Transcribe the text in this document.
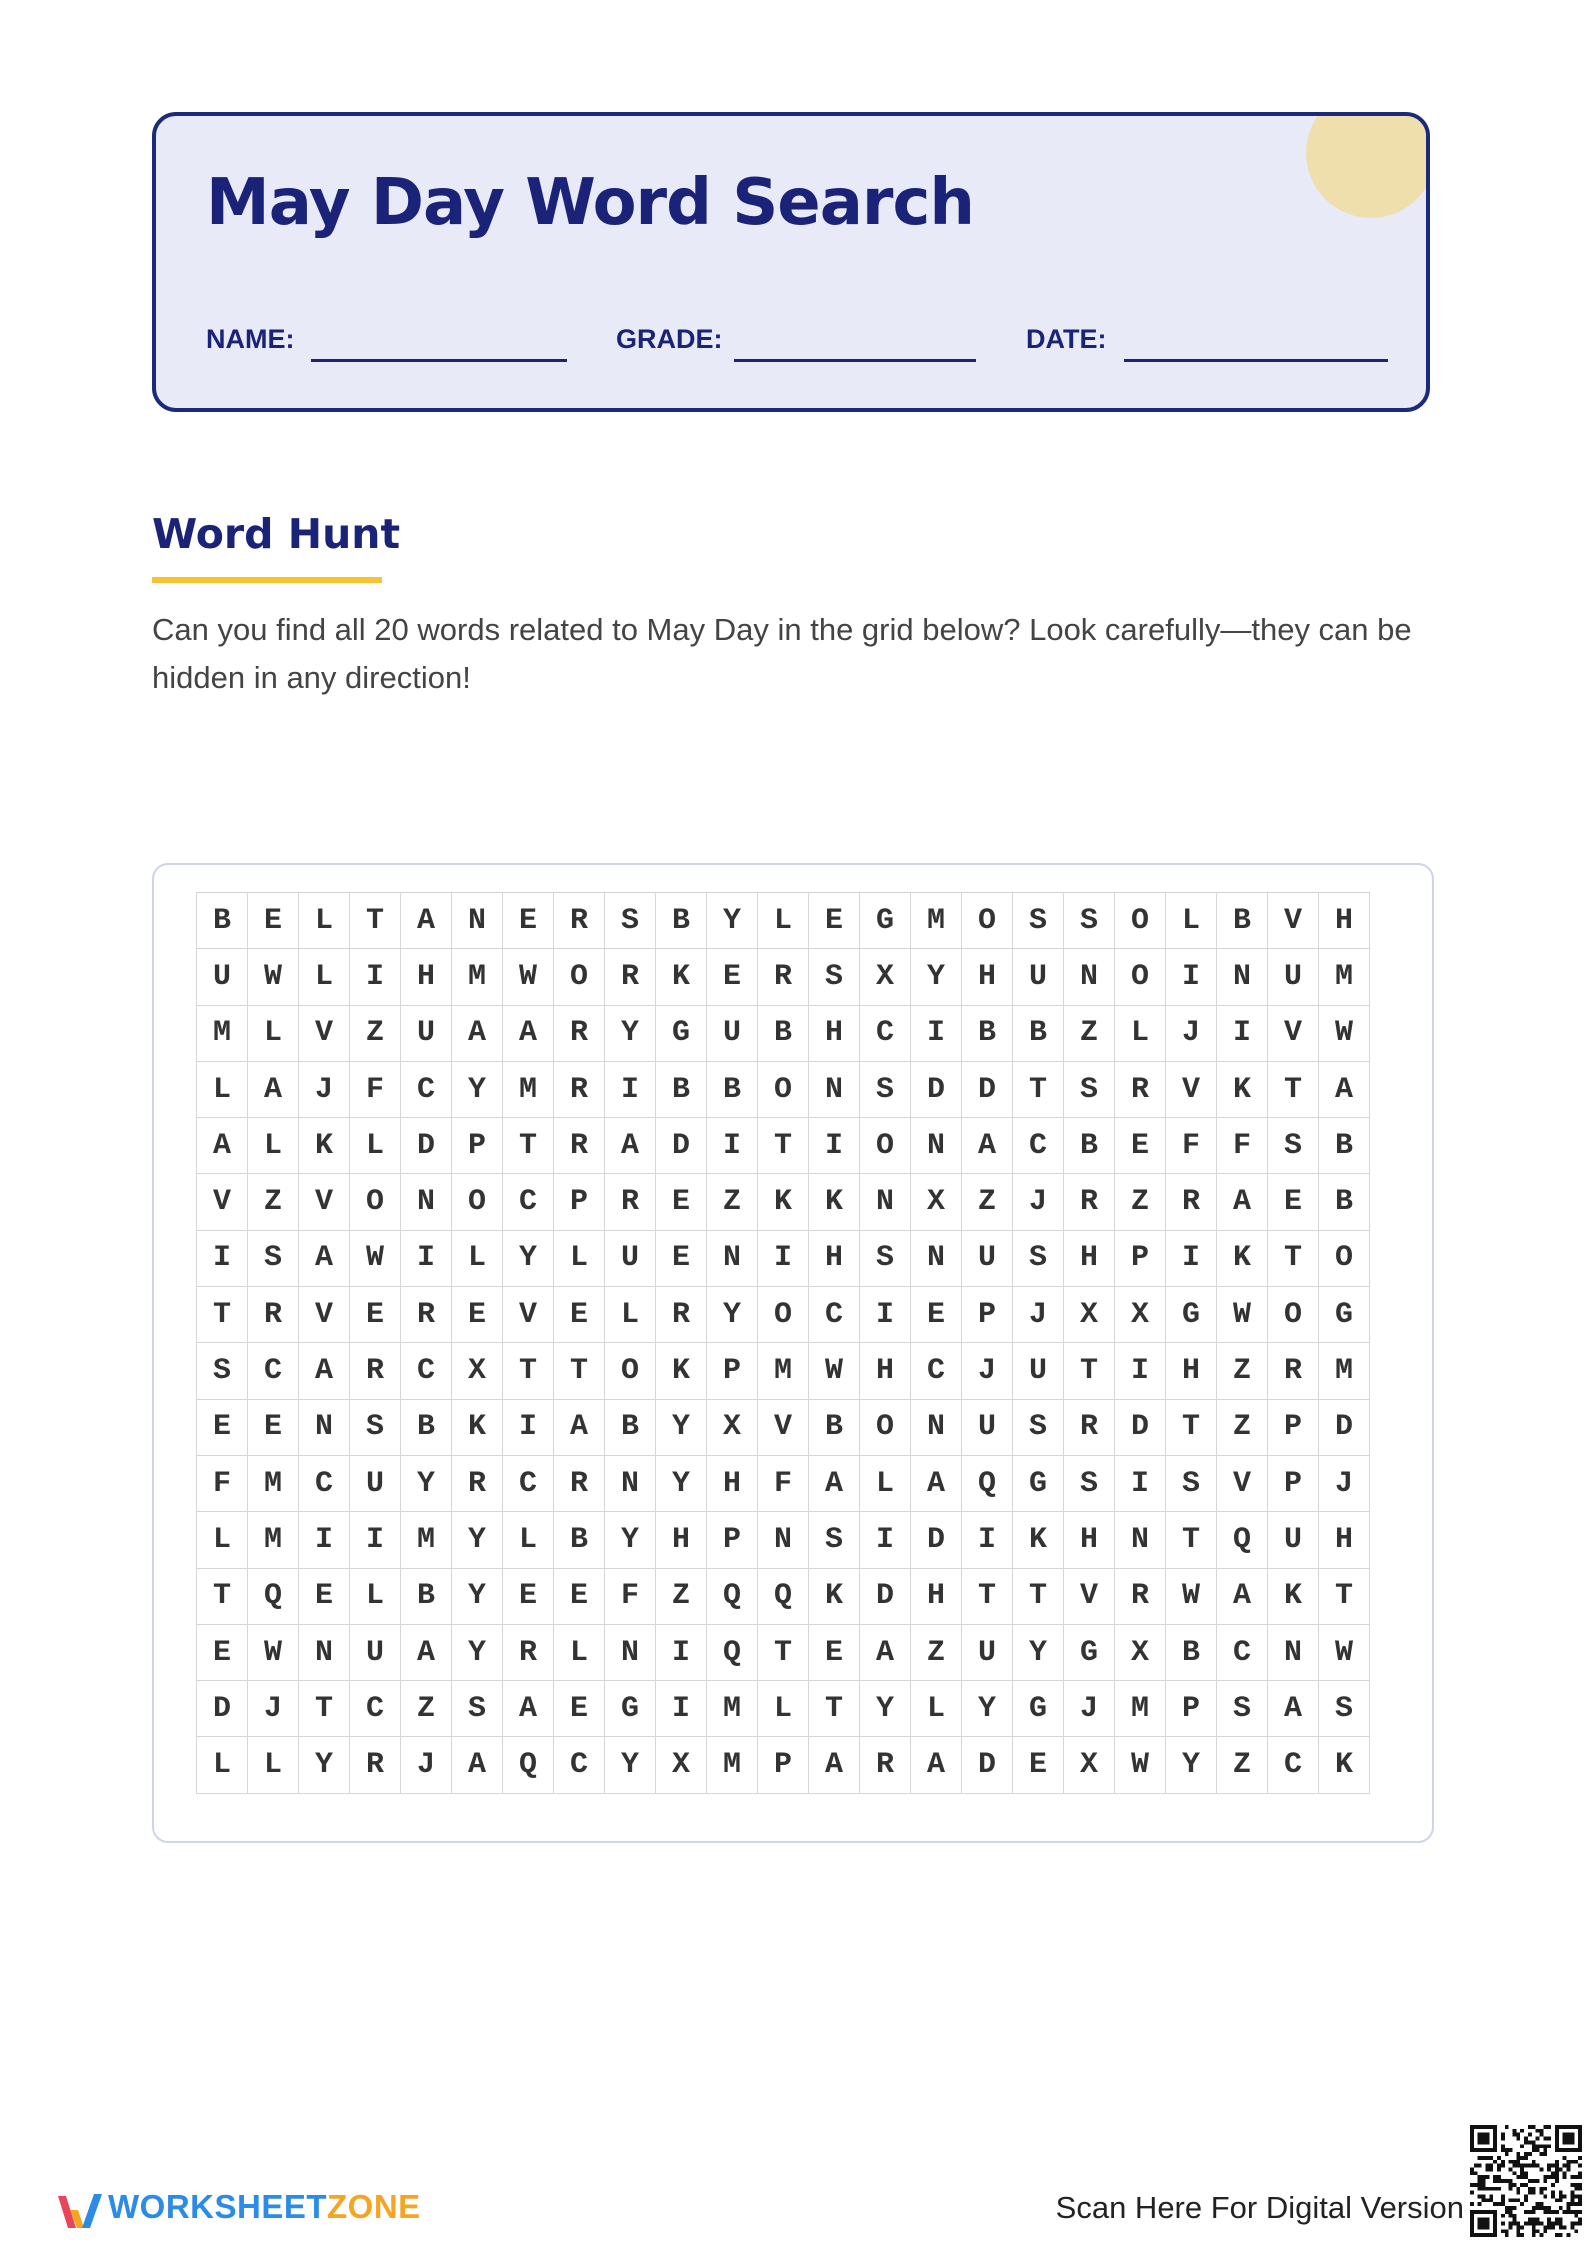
May Day Word Search
NAME:	GRADE:	DATE:
Word Hunt
Can you find all 20 words related to May Day in the grid below? Look carefully—they can be hidden in any direction!
B	E	L	T	A	N	E	R	S	B	Y	L	E	G	M	O	S	S	O	L	B	V	H
U	W	L	I	H	M	W	O	R	K	E	R	S	X	Y	H	U	N	O	I	N	U	M
M	L	V	Z	U	A	A	R	Y	G	U	B	H	C	I	B	B	Z	L	J	I	V	W
L	A	J	F	C	Y	M	R	I	B	B	O	N	S	D	D	T	S	R	V	K	T	A
A	L	K	L	D	P	T	R	A	D	I	T	I	O	N	A	C	B	E	F	F	S	B
V	Z	V	O	N	O	C	P	R	E	Z	K	K	N	X	Z	J	R	Z	R	A	E	B
I	S	A	W	I	L	Y	L	U	E	N	I	H	S	N	U	S	H	P	I	K	T	O
T	R	V	E	R	E	V	E	L	R	Y	O	C	I	E	P	J	X	X	G	W	O	G
S	C	A	R	C	X	T	T	O	K	P	M	W	H	C	J	U	T	I	H	Z	R	M
E	E	N	S	B	K	I	A	B	Y	X	V	B	O	N	U	S	R	D	T	Z	P	D
F	M	C	U	Y	R	C	R	N	Y	H	F	A	L	A	Q	G	S	I	S	V	P	J
L	M	I	I	M	Y	L	B	Y	H	P	N	S	I	D	I	K	H	N	T	Q	U	H
T	Q	E	L	B	Y	E	E	F	Z	Q	Q	K	D	H	T	T	V	R	W	A	K	T
E	W	N	U	A	Y	R	L	N	I	Q	T	E	A	Z	U	Y	G	X	B	C	N	W
D	J	T	C	Z	S	A	E	G	I	M	L	T	Y	L	Y	G	J	M	P	S	A	S
L	L	Y	R	J	A	Q	C	Y	X	M	P	A	R	A	D	E	X	W	Y	Z	C	K
WORKSHEETZONE	Scan Here For Digital Version
